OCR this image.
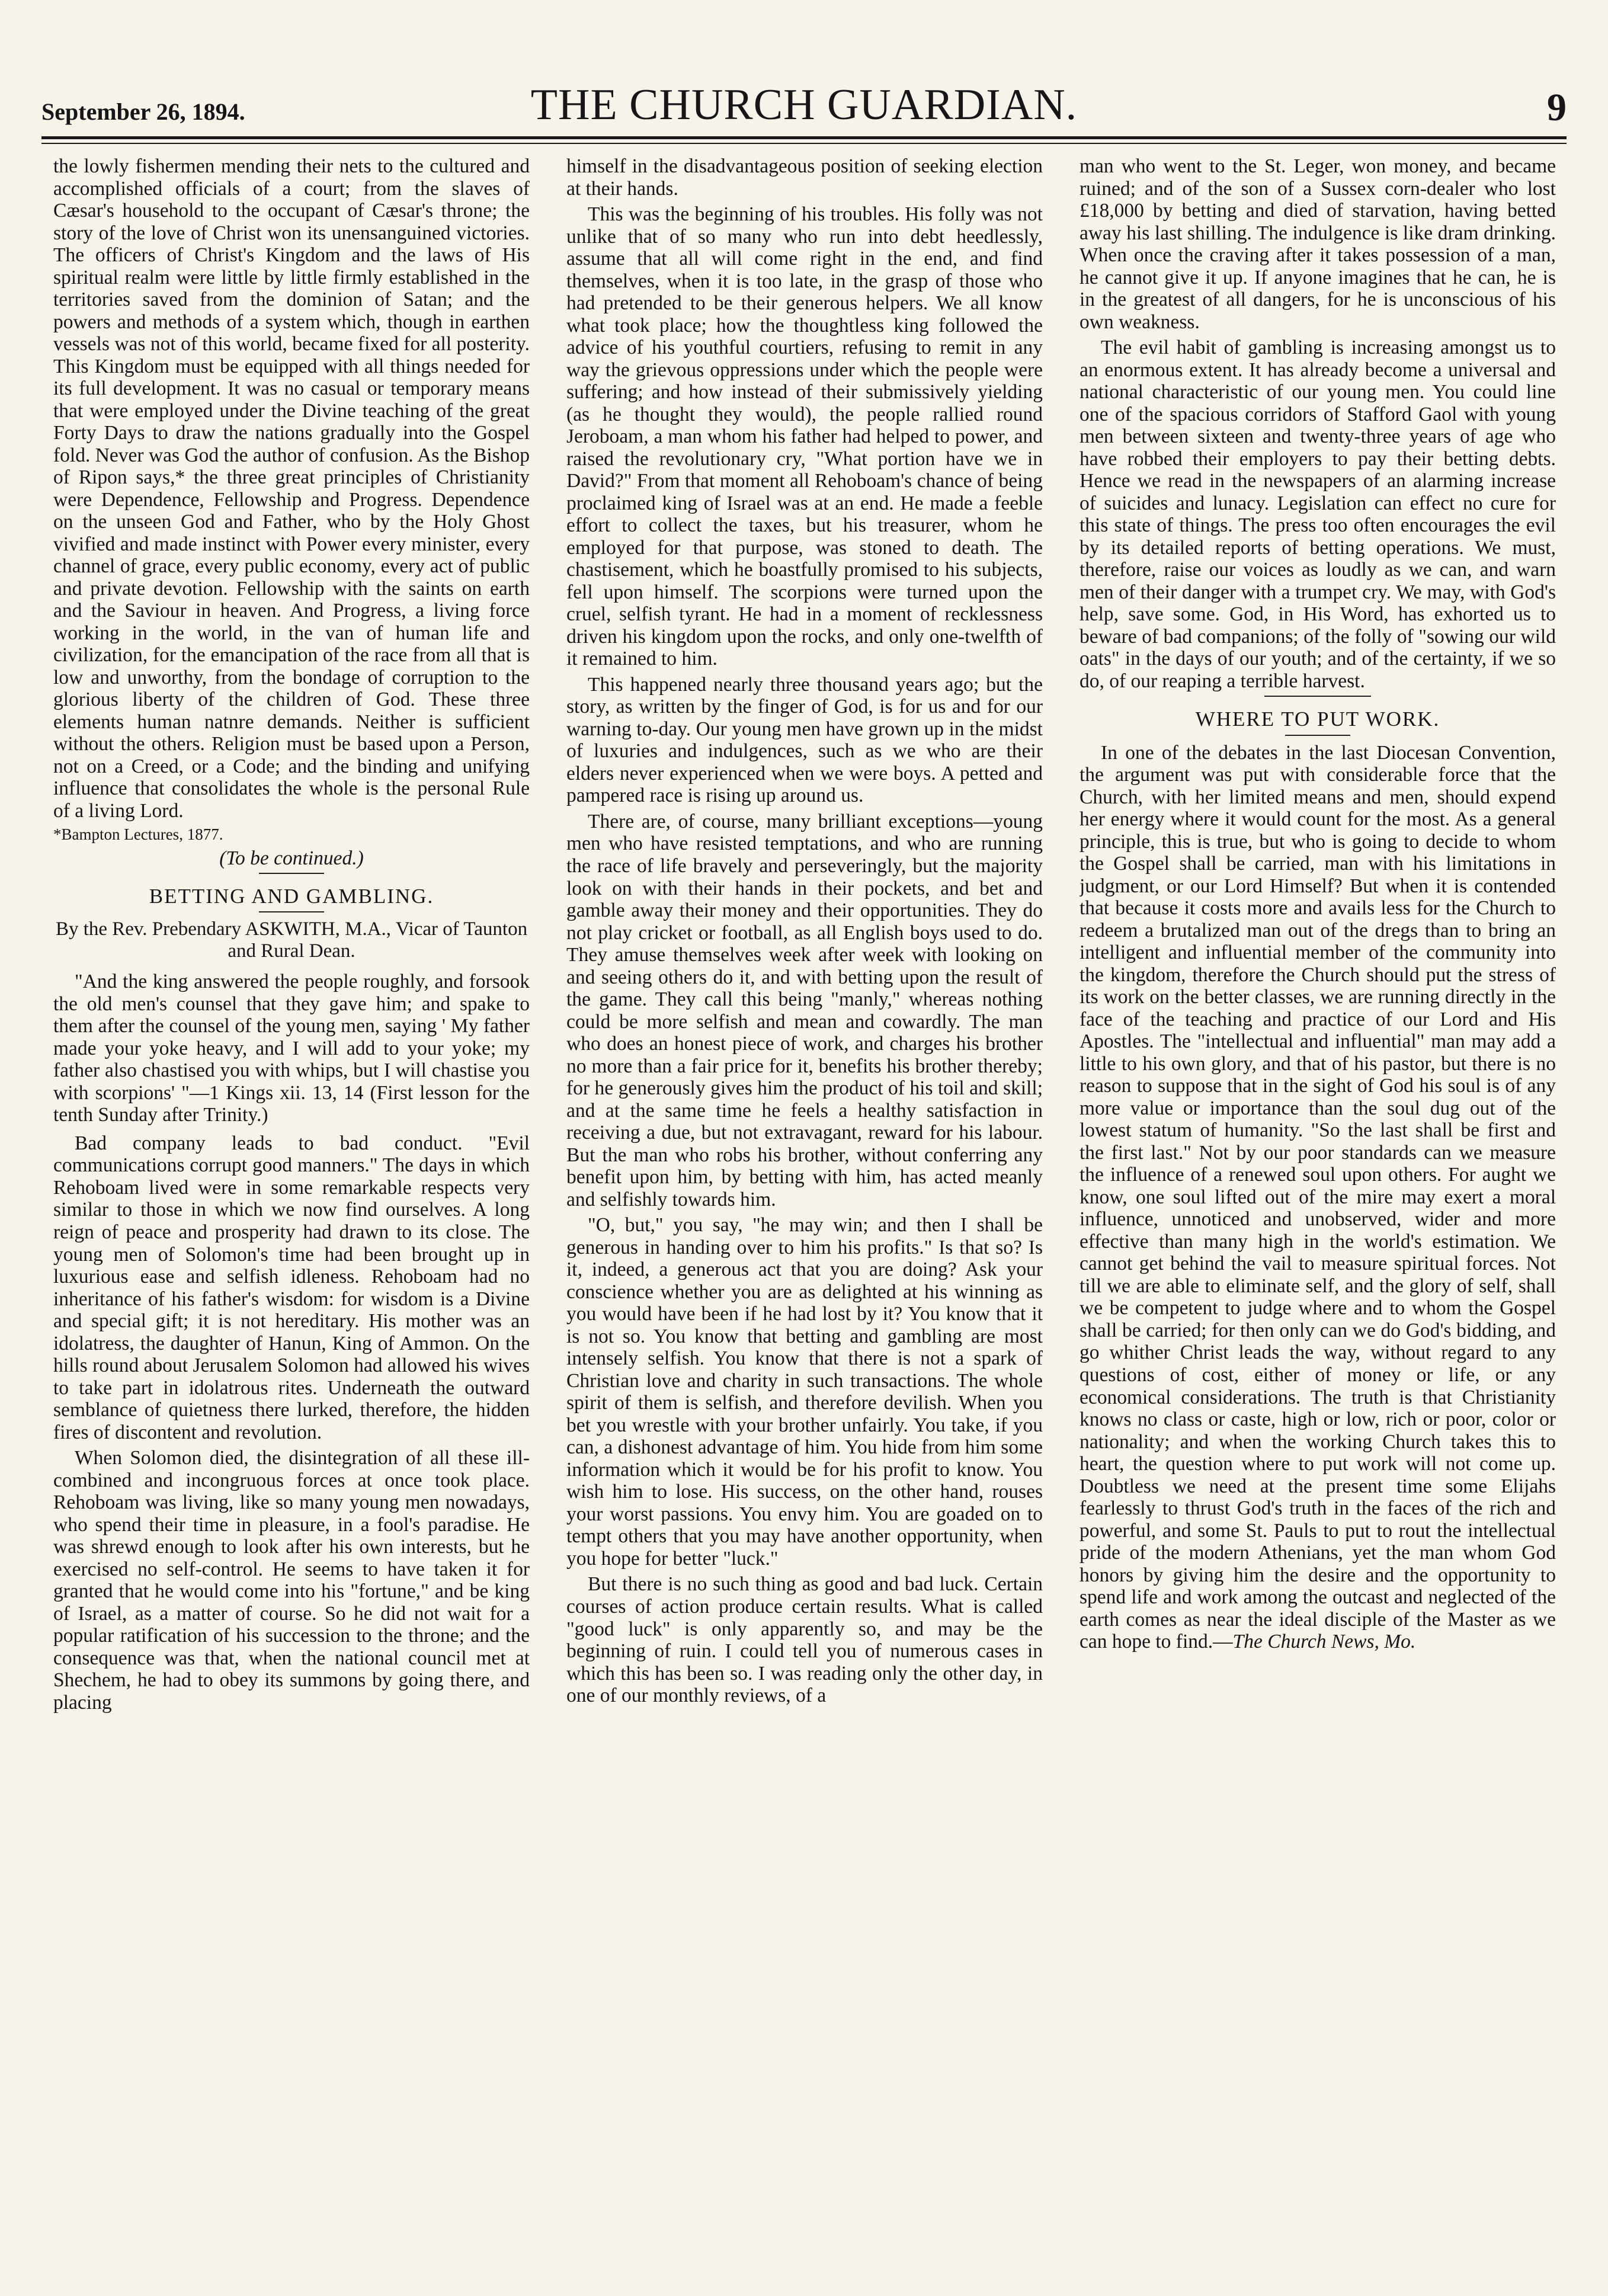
September 26, 1894.	THE CHURCH GUARDIAN.	9

the lowly fishermen mending their nets to the cultured and accomplished officials of a court; from the slaves of Cæsar's household to the occupant of Cæsar's throne; the story of the love of Christ won its unensanguined victories. The officers of Christ's Kingdom and the laws of His spiritual realm were little by little firmly established in the territories saved from the dominion of Satan; and the powers and methods of a system which, though in earthen vessels was not of this world, became fixed for all posterity. This Kingdom must be equipped with all things needed for its full development. It was no casual or temporary means that were employed under the Divine teaching of the great Forty Days to draw the nations gradually into the Gospel fold. Never was God the author of confusion. As the Bishop of Ripon says,* the three great principles of Christianity were Dependence, Fellowship and Progress. Dependence on the unseen God and Father, who by the Holy Ghost vivified and made instinct with Power every minister, every channel of grace, every public economy, every act of public and private devotion. Fellowship with the saints on earth and the Saviour in heaven. And Progress, a living force working in the world, in the van of human life and civilization, for the emancipation of the race from all that is low and unworthy, from the bondage of corruption to the glorious liberty of the children of God. These three elements human natnre demands. Neither is sufficient without the others. Religion must be based upon a Person, not on a Creed, or a Code; and the binding and unifying influence that consolidates the whole is the personal Rule of a living Lord.

*Bampton Lectures, 1877.
(To be continued.)
BETTING AND GAMBLING.
By the Rev. Prebendary ASKWITH, M.A., Vicar of Taunton and Rural Dean.
"And the king answered the people roughly, and forsook the old men's counsel that they gave him; and spake to them after the counsel of the young men, saying ' My father made your yoke heavy, and I will add to your yoke; my father also chastised you with whips, but I will chastise you with scorpions' "—1 Kings xii. 13, 14 (First lesson for the tenth Sunday after Trinity.)

Bad company leads to bad conduct. "Evil communications corrupt good manners." The days in which Rehoboam lived were in some remarkable respects very similar to those in which we now find ourselves. A long reign of peace and prosperity had drawn to its close. The young men of Solomon's time had been brought up in luxurious ease and selfish idleness. Rehoboam had no inheritance of his father's wisdom: for wisdom is a Divine and special gift; it is not hereditary. His mother was an idolatress, the daughter of Hanun, King of Ammon. On the hills round about Jerusalem Solomon had allowed his wives to take part in idolatrous rites. Underneath the outward semblance of quietness there lurked, therefore, the hidden fires of discontent and revolution.

When Solomon died, the disintegration of all these ill-combined and incongruous forces at once took place. Rehoboam was living, like so many young men nowadays, who spend their time in pleasure, in a fool's paradise. He was shrewd enough to look after his own interests, but he exercised no self-control. He seems to have taken it for granted that he would come into his "fortune," and be king of Israel, as a matter of course. So he did not wait for a popular ratification of his succession to the throne; and the consequence was that, when the national council met at Shechem, he had to obey its summons by going there, and placing

himself in the disadvantageous position of seeking election at their hands.

This was the beginning of his troubles. His folly was not unlike that of so many who run into debt heedlessly, assume that all will come right in the end, and find themselves, when it is too late, in the grasp of those who had pretended to be their generous helpers. We all know what took place; how the thoughtless king followed the advice of his youthful courtiers, refusing to remit in any way the grievous oppressions under which the people were suffering; and how instead of their submissively yielding (as he thought they would), the people rallied round Jeroboam, a man whom his father had helped to power, and raised the revolutionary cry, "What portion have we in David?" From that moment all Rehoboam's chance of being proclaimed king of Israel was at an end. He made a feeble effort to collect the taxes, but his treasurer, whom he employed for that purpose, was stoned to death. The chastisement, which he boastfully promised to his subjects, fell upon himself. The scorpions were turned upon the cruel, selfish tyrant. He had in a moment of recklessness driven his kingdom upon the rocks, and only one-twelfth of it remained to him.

This happened nearly three thousand years ago; but the story, as written by the finger of God, is for us and for our warning to-day. Our young men have grown up in the midst of luxuries and indulgences, such as we who are their elders never experienced when we were boys. A petted and pampered race is rising up around us.

There are, of course, many brilliant exceptions—young men who have resisted temptations, and who are running the race of life bravely and perseveringly, but the majority look on with their hands in their pockets, and bet and gamble away their money and their opportunities. They do not play cricket or football, as all English boys used to do. They amuse themselves week after week with looking on and seeing others do it, and with betting upon the result of the game. They call this being "manly," whereas nothing could be more selfish and mean and cowardly. The man who does an honest piece of work, and charges his brother no more than a fair price for it, benefits his brother thereby; for he generously gives him the product of his toil and skill; and at the same time he feels a healthy satisfaction in receiving a due, but not extravagant, reward for his labour. But the man who robs his brother, without conferring any benefit upon him, by betting with him, has acted meanly and selfishly towards him.

"O, but," you say, "he may win; and then I shall be generous in handing over to him his profits." Is that so? Is it, indeed, a generous act that you are doing? Ask your conscience whether you are as delighted at his winning as you would have been if he had lost by it? You know that it is not so. You know that betting and gambling are most intensely selfish. You know that there is not a spark of Christian love and charity in such transactions. The whole spirit of them is selfish, and therefore devilish. When you bet you wrestle with your brother unfairly. You take, if you can, a dishonest advantage of him. You hide from him some information which it would be for his profit to know. You wish him to lose. His success, on the other hand, rouses your worst passions. You envy him. You are goaded on to tempt others that you may have another opportunity, when you hope for better "luck."

But there is no such thing as good and bad luck. Certain courses of action produce certain results. What is called "good luck" is only apparently so, and may be the beginning of ruin. I could tell you of numerous cases in which this has been so. I was reading only the other day, in one of our monthly reviews, of a

man who went to the St. Leger, won money, and became ruined; and of the son of a Sussex corn-dealer who lost £18,000 by betting and died of starvation, having betted away his last shilling. The indulgence is like dram drinking. When once the craving after it takes possession of a man, he cannot give it up. If anyone imagines that he can, he is in the greatest of all dangers, for he is unconscious of his own weakness.

The evil habit of gambling is increasing amongst us to an enormous extent. It has already become a universal and national characteristic of our young men. You could line one of the spacious corridors of Stafford Gaol with young men between sixteen and twenty-three years of age who have robbed their employers to pay their betting debts. Hence we read in the newspapers of an alarming increase of suicides and lunacy. Legislation can effect no cure for this state of things. The press too often encourages the evil by its detailed reports of betting operations. We must, therefore, raise our voices as loudly as we can, and warn men of their danger with a trumpet cry. We may, with God's help, save some. God, in His Word, has exhorted us to beware of bad companions; of the folly of "sowing our wild oats" in the days of our youth; and of the certainty, if we so do, of our reaping a terrible harvest.

WHERE TO PUT WORK.

In one of the debates in the last Diocesan Convention, the argument was put with considerable force that the Church, with her limited means and men, should expend her energy where it would count for the most. As a general principle, this is true, but who is going to decide to whom the Gospel shall be carried, man with his limitations in judgment, or our Lord Himself? But when it is contended that because it costs more and avails less for the Church to redeem a brutalized man out of the dregs than to bring an intelligent and influential member of the community into the kingdom, therefore the Church should put the stress of its work on the better classes, we are running directly in the face of the teaching and practice of our Lord and His Apostles. The "intellectual and influential" man may add a little to his own glory, and that of his pastor, but there is no reason to suppose that in the sight of God his soul is of any more value or importance than the soul dug out of the lowest statum of humanity. "So the last shall be first and the first last." Not by our poor standards can we measure the influence of a renewed soul upon others. For aught we know, one soul lifted out of the mire may exert a moral influence, unnoticed and unobserved, wider and more effective than many high in the world's estimation. We cannot get behind the vail to measure spiritual forces. Not till we are able to eliminate self, and the glory of self, shall we be competent to judge where and to whom the Gospel shall be carried; for then only can we do God's bidding, and go whither Christ leads the way, without regard to any questions of cost, either of money or life, or any economical considerations. The truth is that Christianity knows no class or caste, high or low, rich or poor, color or nationality; and when the working Church takes this to heart, the question where to put work will not come up. Doubtless we need at the present time some Elijahs fearlessly to thrust God's truth in the faces of the rich and powerful, and some St. Pauls to put to rout the intellectual pride of the modern Athenians, yet the man whom God honors by giving him the desire and the opportunity to spend life and work among the outcast and neglected of the earth comes as near the ideal disciple of the Master as we can hope to find.—The Church News, Mo.
